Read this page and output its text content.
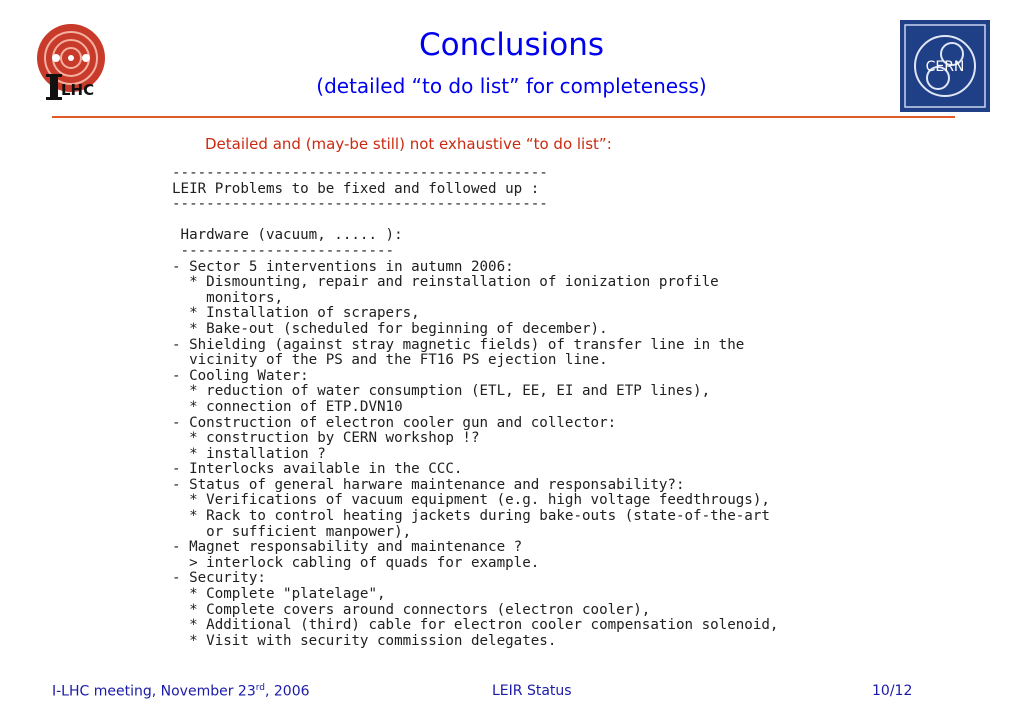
LHC
Conclusions
(detailed “to do list” for completeness)
CERN
Detailed and (may-be still) not exhaustive “to do list”:
--------------------------------------------
LEIR Problems to be fixed and followed up :
--------------------------------------------

Hardware (vacuum, ..... ):
-------------------------
- Sector 5 interventions in autumn 2006:
* Dismounting, repair and reinstallation of ionization profile
monitors,
* Installation of scrapers,
* Bake-out (scheduled for beginning of december).
- Shielding (against stray magnetic fields) of transfer line in the
vicinity of the PS and the FT16 PS ejection line.
- Cooling Water:
* reduction of water consumption (ETL, EE, EI and ETP lines),
* connection of ETP.DVN10
- Construction of electron cooler gun and collector:
* construction by CERN workshop !?
* installation ?
- Interlocks available in the CCC.
- Status of general harware maintenance and responsability?:
* Verifications of vacuum equipment (e.g. high voltage feedthrougs),
* Rack to control heating jackets during bake-outs (state-of-the-art
or sufficient manpower),
- Magnet responsability and maintenance ?
> interlock cabling of quads for example.
- Security:
* Complete "platelage",
* Complete covers around connectors (electron cooler),
* Additional (third) cable for electron cooler compensation solenoid,
* Visit with security commission delegates.
I-LHC meeting, November 23rd, 2006	LEIR Status	10/12
